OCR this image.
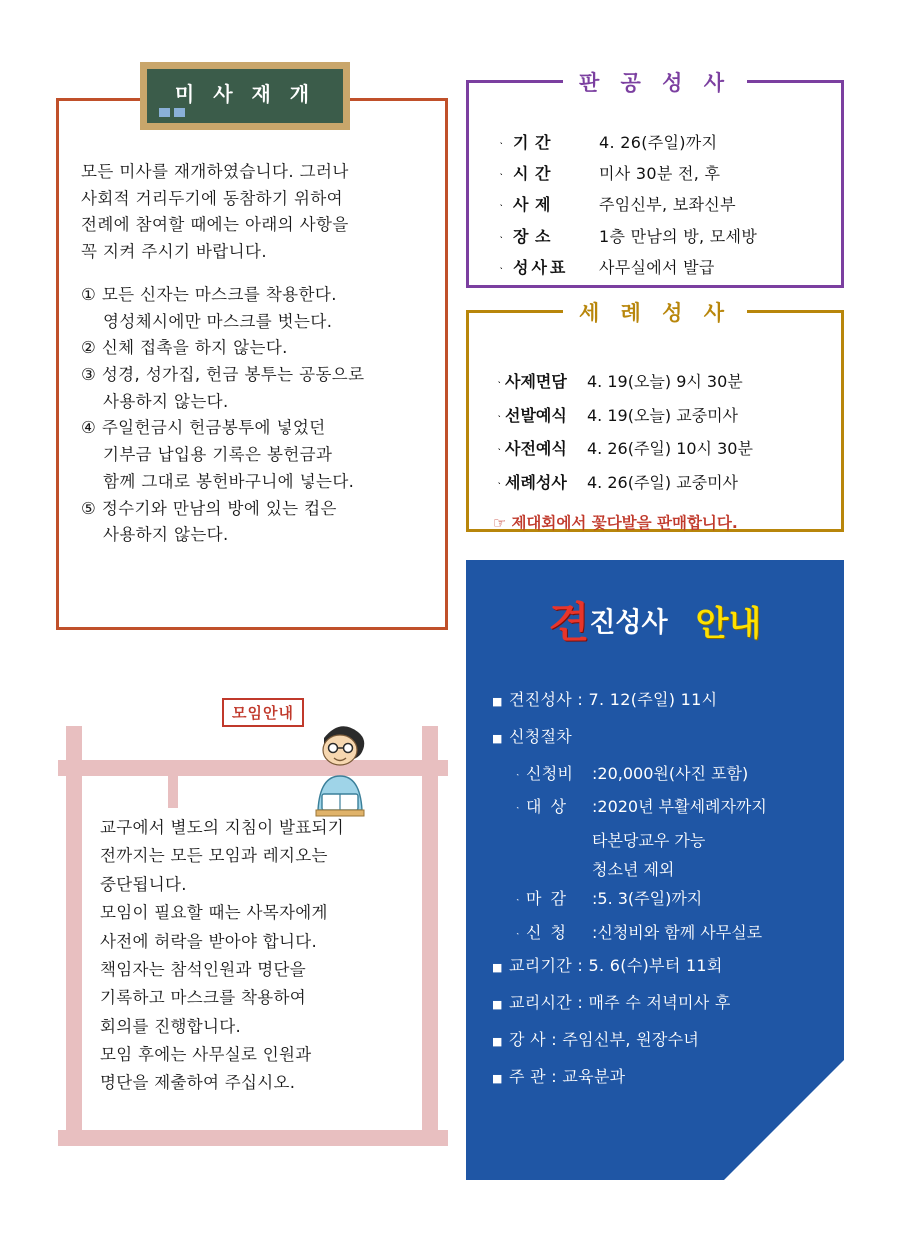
모든 미사를 재개하였습니다. 그러나

사회적 거리두기에 동참하기 위하여

전례에 참여할 때에는 아래의 사항을

꼭 지켜 주시기 바랍니다.

① 모든 신자는 마스크를 착용한다.

영성체시에만 마스크를 벗는다.

② 신체 접촉을 하지 않는다.

③ 성경, 성가집, 헌금 봉투는 공동으로

사용하지 않는다.

④ 주일헌금시 헌금봉투에 넣었던

기부금 납입용 기록은 봉헌금과

함께 그대로 봉헌바구니에 넣는다.

⑤ 정수기와 만남의 방에 있는 컵은

사용하지 않는다.

미 사 재 개	판 공 성 사
ᆞ 기 간	4. 26(주일)까지
ᆞ 시 간	미사 30분 전, 후
ᆞ 사 제	주임신부, 보좌신부
ᆞ 장 소	1층 만남의 방, 모세방
ᆞ 성사표	사무실에서 발급
세 례 성 사
ᆞ 사제면담	4. 19(오늘) 9시 30분
ᆞ 선발예식	4. 19(오늘) 교중미사
ᆞ 사전예식	4. 26(주일) 10시 30분
ᆞ 세례성사	4. 26(주일) 교중미사
☞ 제대회에서 꽃다발을 판매합니다.
견진성사 안내
■ 견진성사 : 7. 12(주일) 11시
■ 신청절차
ᆞ 신청비	: 20,000원(사진 포함)
ᆞ 대 상	: 2020년 부활세례자까지
타본당교우 가능
청소년 제외
ᆞ 마 감	: 5. 3(주일)까지
ᆞ 신 청	: 신청비와 함께 사무실로
■ 교리기간 : 5. 6(수)부터 11회
■ 교리시간 : 매주 수 저녁미사 후
■ 강 사 : 주임신부, 원장수녀
■ 주 관 : 교육분과
모임안내

교구에서 별도의 지침이 발표되기

전까지는 모든 모임과 레지오는

중단됩니다.

모임이 필요할 때는 사목자에게

사전에 허락을 받아야 합니다.

책임자는 참석인원과 명단을

기록하고 마스크를 착용하여

회의를 진행합니다.

모임 후에는 사무실로 인원과

명단을 제출하여 주십시오.
